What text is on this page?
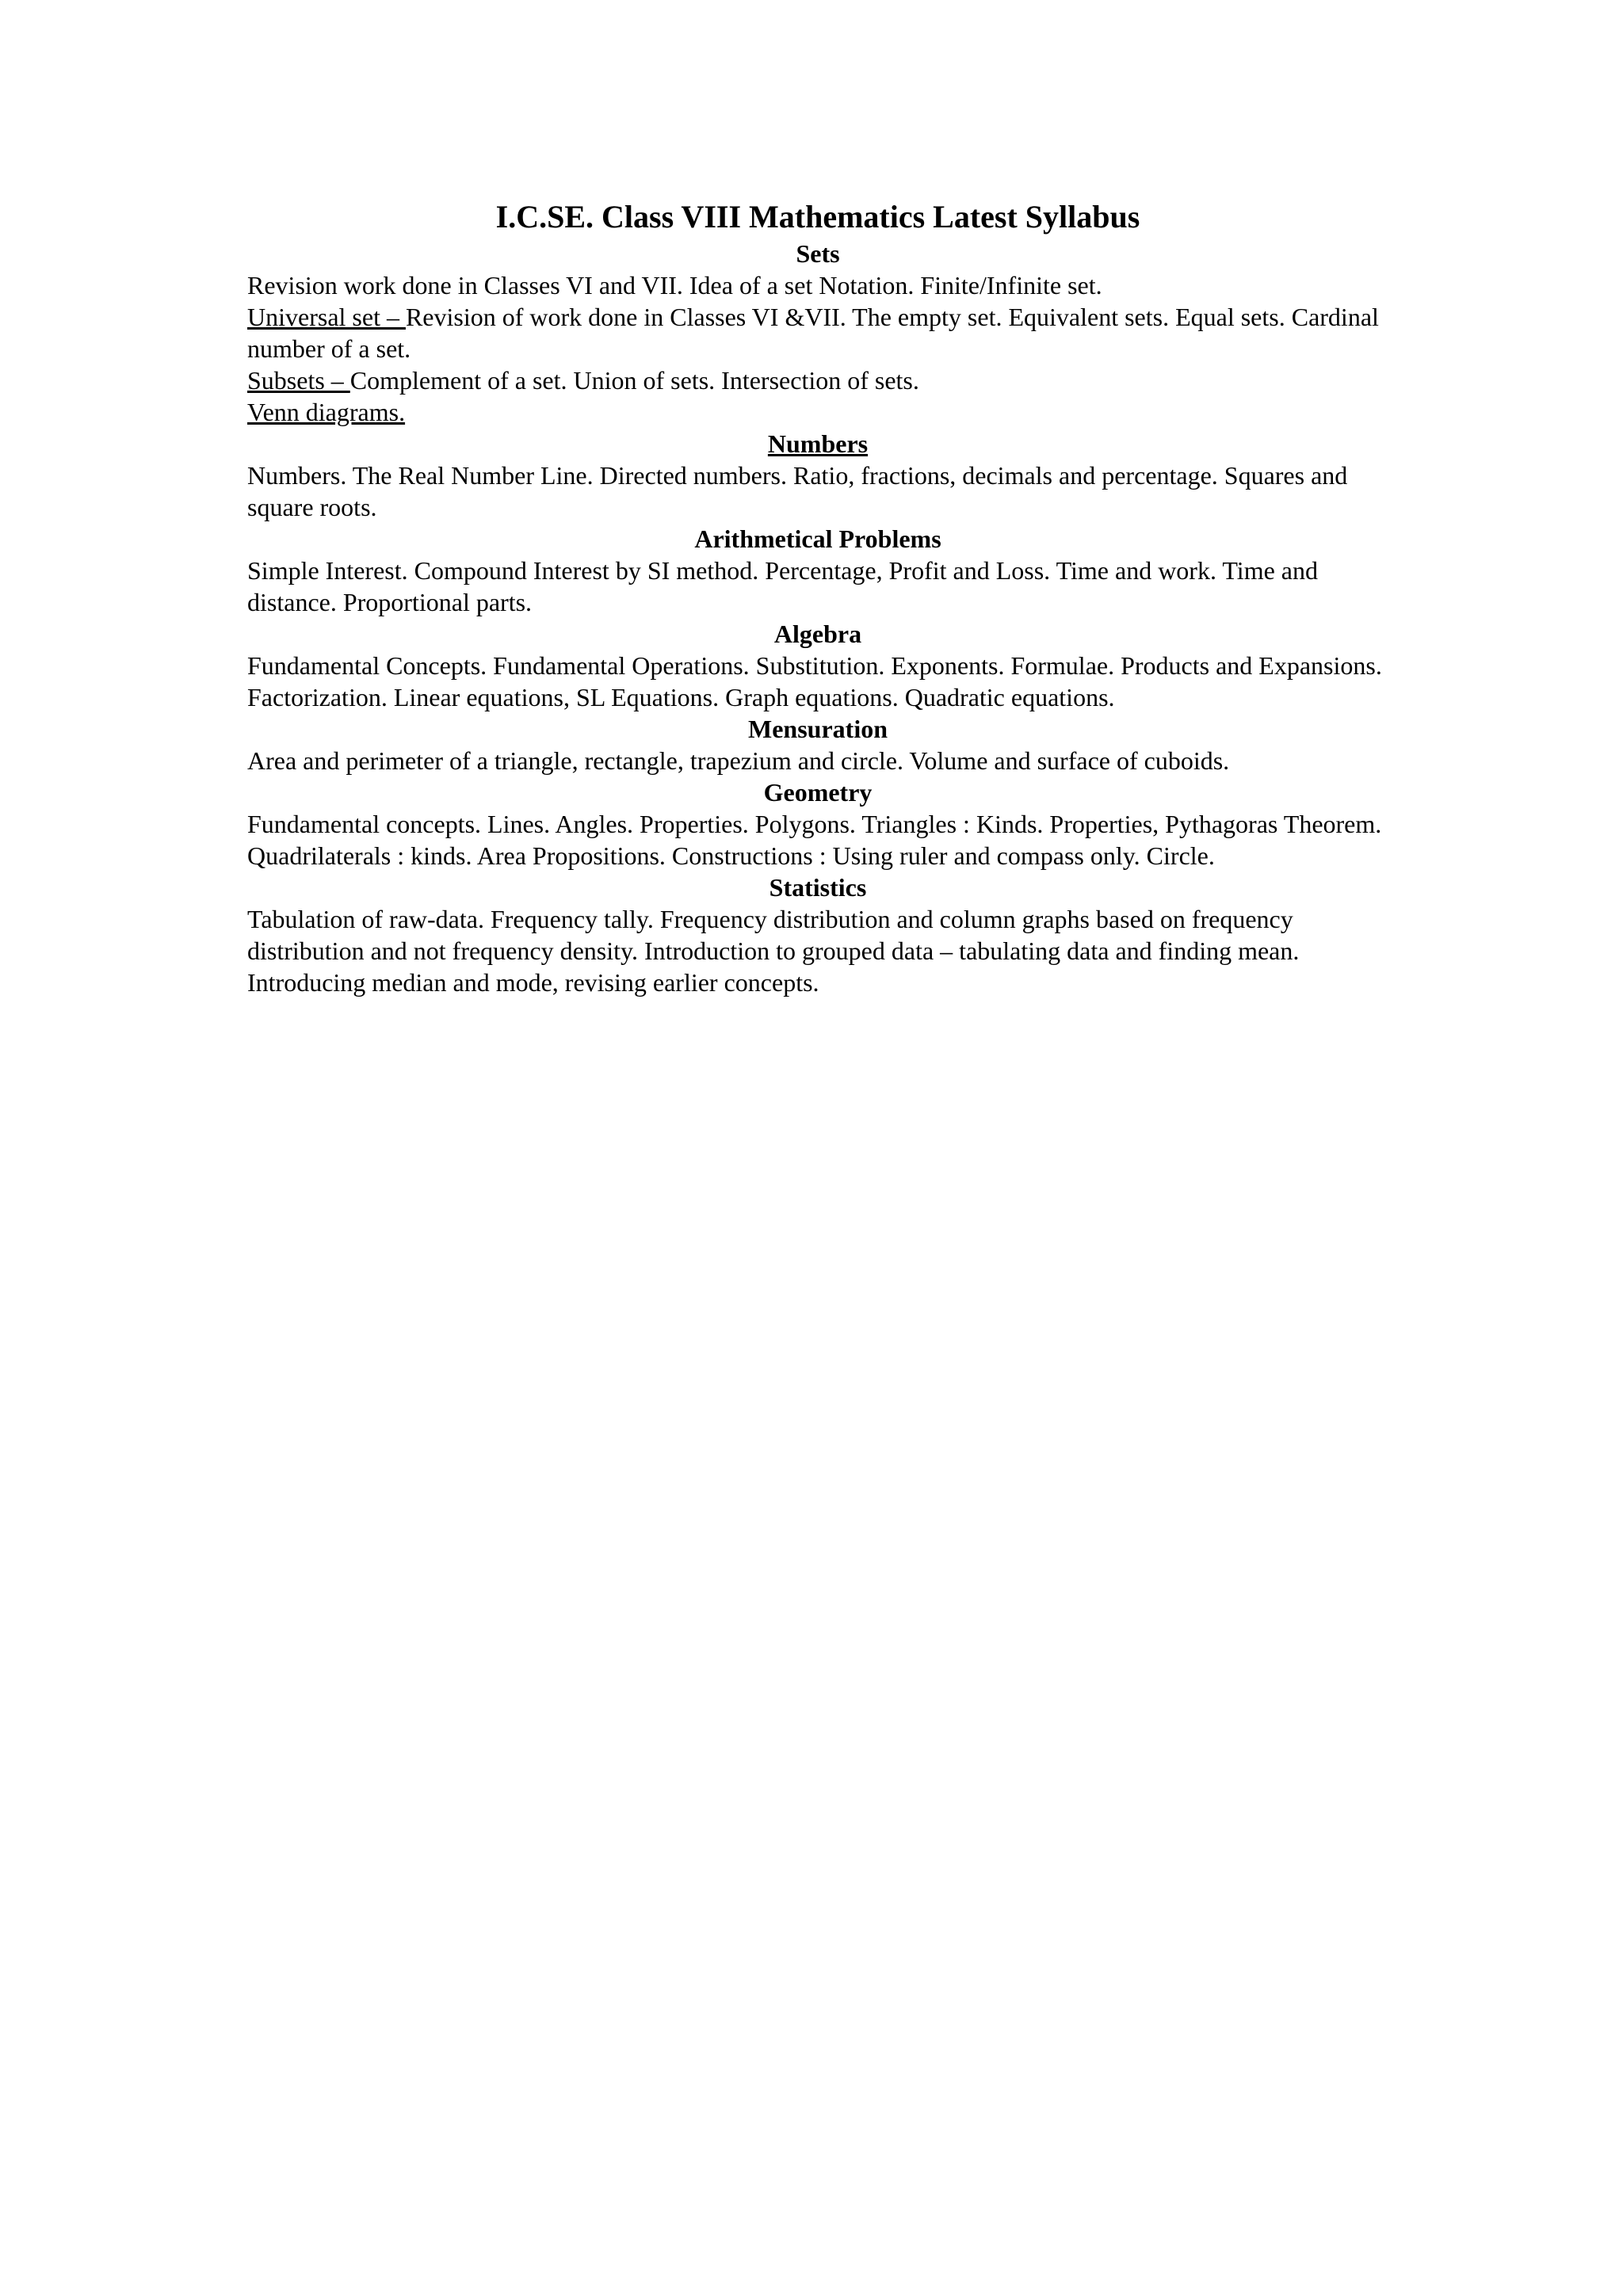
I.C.SE. Class VIII Mathematics Latest Syllabus
Sets

Revision work done in Classes VI and VII. Idea of a set Notation. Finite/Infinite set.

Universal set – Revision of work done in Classes VI &VII. The empty set. Equivalent sets. Equal sets. Cardinal number of a set.

Subsets – Complement of a set. Union of sets. Intersection of sets.

Venn diagrams.

Numbers

Numbers. The Real Number Line. Directed numbers. Ratio, fractions, decimals and percentage. Squares and square roots.

Arithmetical Problems

Simple Interest. Compound Interest by SI method. Percentage, Profit and Loss. Time and work. Time and distance. Proportional parts.

Algebra

Fundamental Concepts. Fundamental Operations. Substitution. Exponents. Formulae. Products and Expansions. Factorization. Linear equations, SL Equations. Graph equations. Quadratic equations.

Mensuration

Area and perimeter of a triangle, rectangle, trapezium and circle. Volume and surface of cuboids.

Geometry

Fundamental concepts. Lines. Angles. Properties. Polygons. Triangles : Kinds. Properties, Pythagoras Theorem. Quadrilaterals : kinds. Area Propositions. Constructions : Using ruler and compass only. Circle.

Statistics

Tabulation of raw-data. Frequency tally. Frequency distribution and column graphs based on frequency distribution and not frequency density. Introduction to grouped data – tabulating data and finding mean. Introducing median and mode, revising earlier concepts.
